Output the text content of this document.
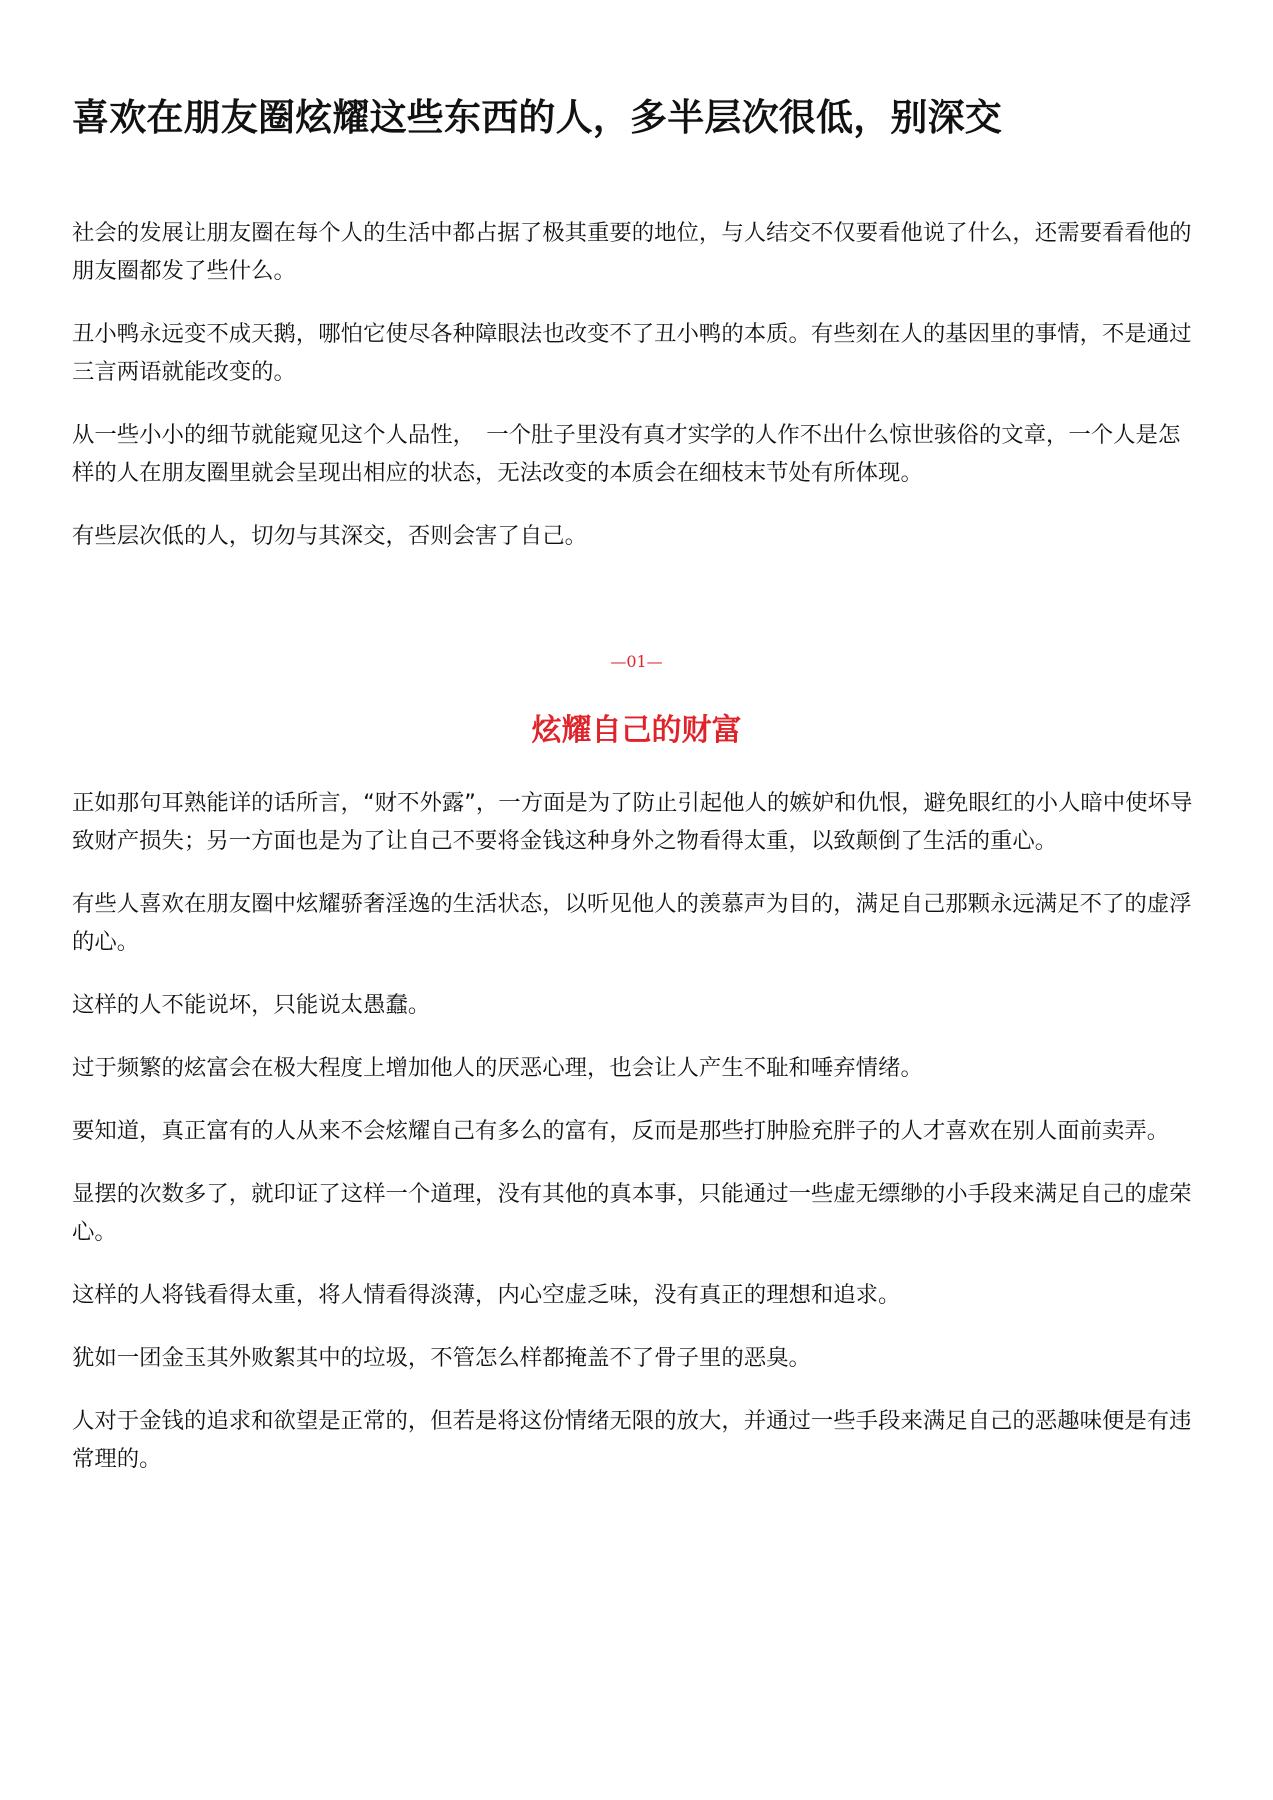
喜欢在朋友圈炫耀这些东西的人，多半层次很低，别深交

社会的发展让朋友圈在每个人的生活中都占据了极其重要的地位，与人结交不仅要看他说了什么，还需要看看他的朋友圈都发了些什么。

丑小鸭永远变不成天鹅，哪怕它使尽各种障眼法也改变不了丑小鸭的本质。有些刻在人的基因里的事情，不是通过三言两语就能改变的。

从一些小小的细节就能窥见这个人品性，　一个肚子里没有真才实学的人作不出什么惊世骇俗的文章，一个人是怎样的人在朋友圈里就会呈现出相应的状态，无法改变的本质会在细枝末节处有所体现。

有些层次低的人，切勿与其深交，否则会害了自己。

—01—
炫耀自己的财富

正如那句耳熟能详的话所言，“财不外露”，一方面是为了防止引起他人的嫉妒和仇恨，避免眼红的小人暗中使坏导致财产损失；另一方面也是为了让自己不要将金钱这种身外之物看得太重，以致颠倒了生活的重心。

有些人喜欢在朋友圈中炫耀骄奢淫逸的生活状态，以听见他人的羡慕声为目的，满足自己那颗永远满足不了的虚浮的心。

这样的人不能说坏，只能说太愚蠢。

过于频繁的炫富会在极大程度上增加他人的厌恶心理，也会让人产生不耻和唾弃情绪。

要知道，真正富有的人从来不会炫耀自己有多么的富有，反而是那些打肿脸充胖子的人才喜欢在别人面前卖弄。

显摆的次数多了，就印证了这样一个道理，没有其他的真本事，只能通过一些虚无缥缈的小手段来满足自己的虚荣心。

这样的人将钱看得太重，将人情看得淡薄，内心空虚乏味，没有真正的理想和追求。

犹如一团金玉其外败絮其中的垃圾，不管怎么样都掩盖不了骨子里的恶臭。

人对于金钱的追求和欲望是正常的，但若是将这份情绪无限的放大，并通过一些手段来满足自己的恶趣味便是有违常理的。
